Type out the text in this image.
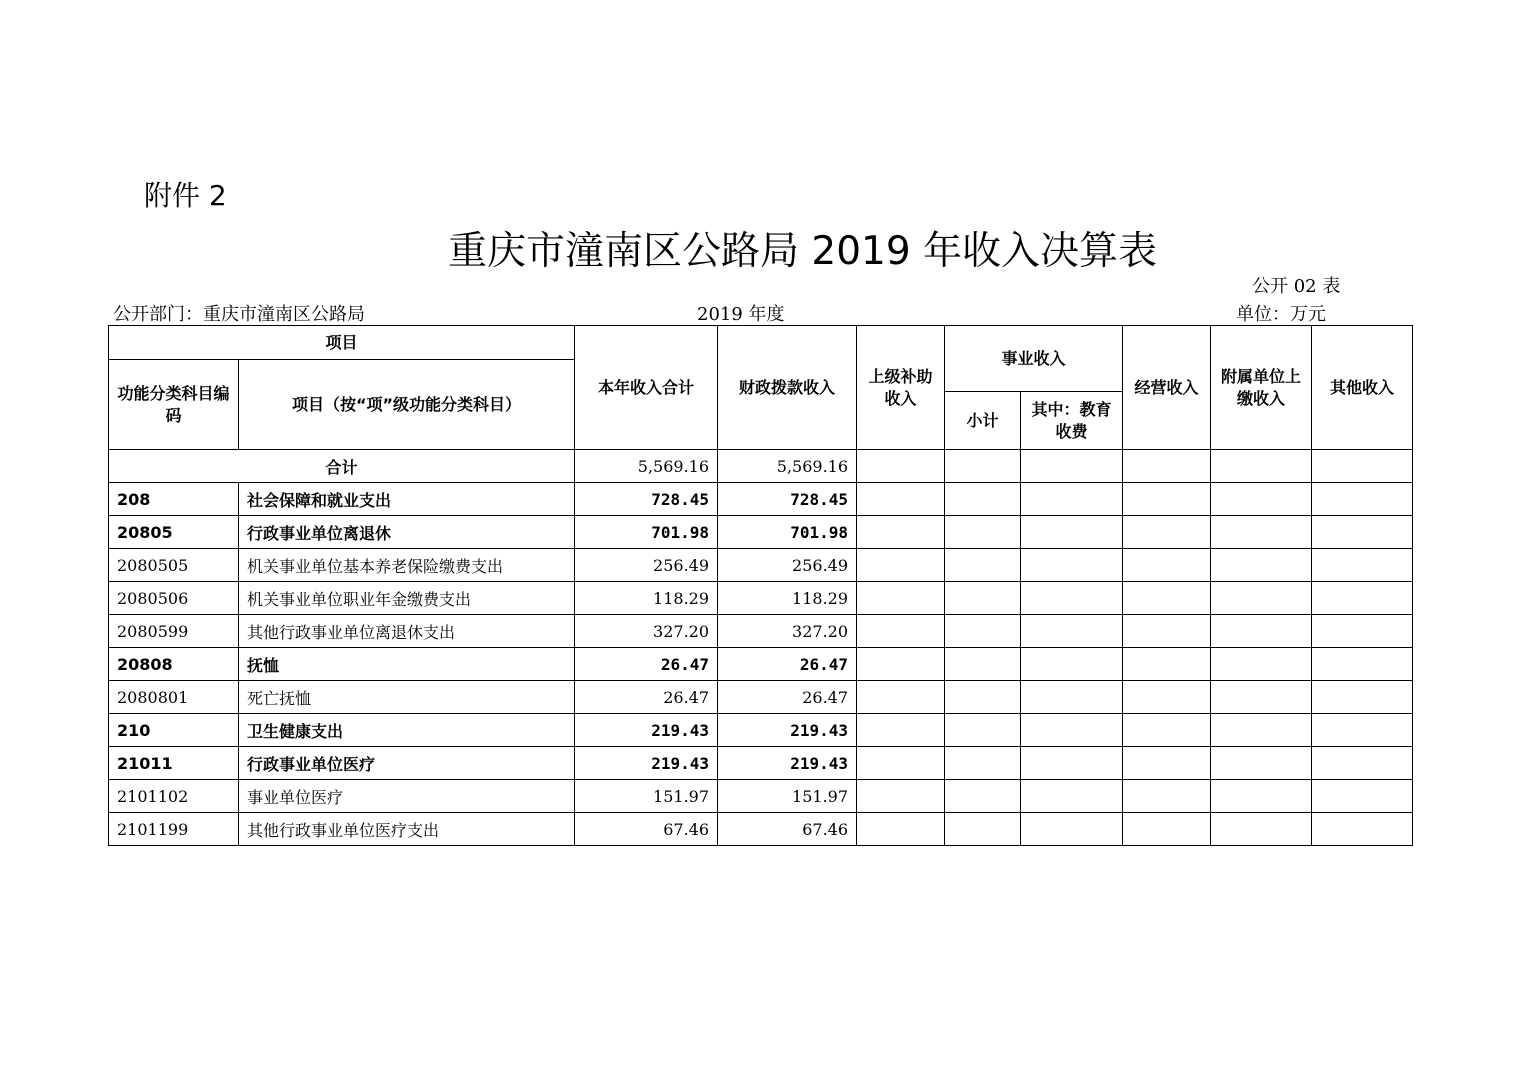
附件 2
重庆市潼南区公路局 2019 年收入决算表
公开 02 表
公开部门：重庆市潼南区公路局	2019 年度	单位：万元
项目		本年收入合计	财政拨款收入	上级补助收入	事业收入		经营收入	附属单位上缴收入	其他收入
功能分类科目编码	项目（按“项”级功能分类科目）								
					小计	其中：教育收费			
合计		5,569.16	5,569.16						
208	社会保障和就业支出	728.45	728.45						
20805	行政事业单位离退休	701.98	701.98						
2080505	机关事业单位基本养老保险缴费支出	256.49	256.49						
2080506	机关事业单位职业年金缴费支出	118.29	118.29						
2080599	其他行政事业单位离退休支出	327.20	327.20						
20808	抚恤	26.47	26.47						
2080801	死亡抚恤	26.47	26.47						
210	卫生健康支出	219.43	219.43						
21011	行政事业单位医疗	219.43	219.43						
2101102	事业单位医疗	151.97	151.97						
2101199	其他行政事业单位医疗支出	67.46	67.46						
